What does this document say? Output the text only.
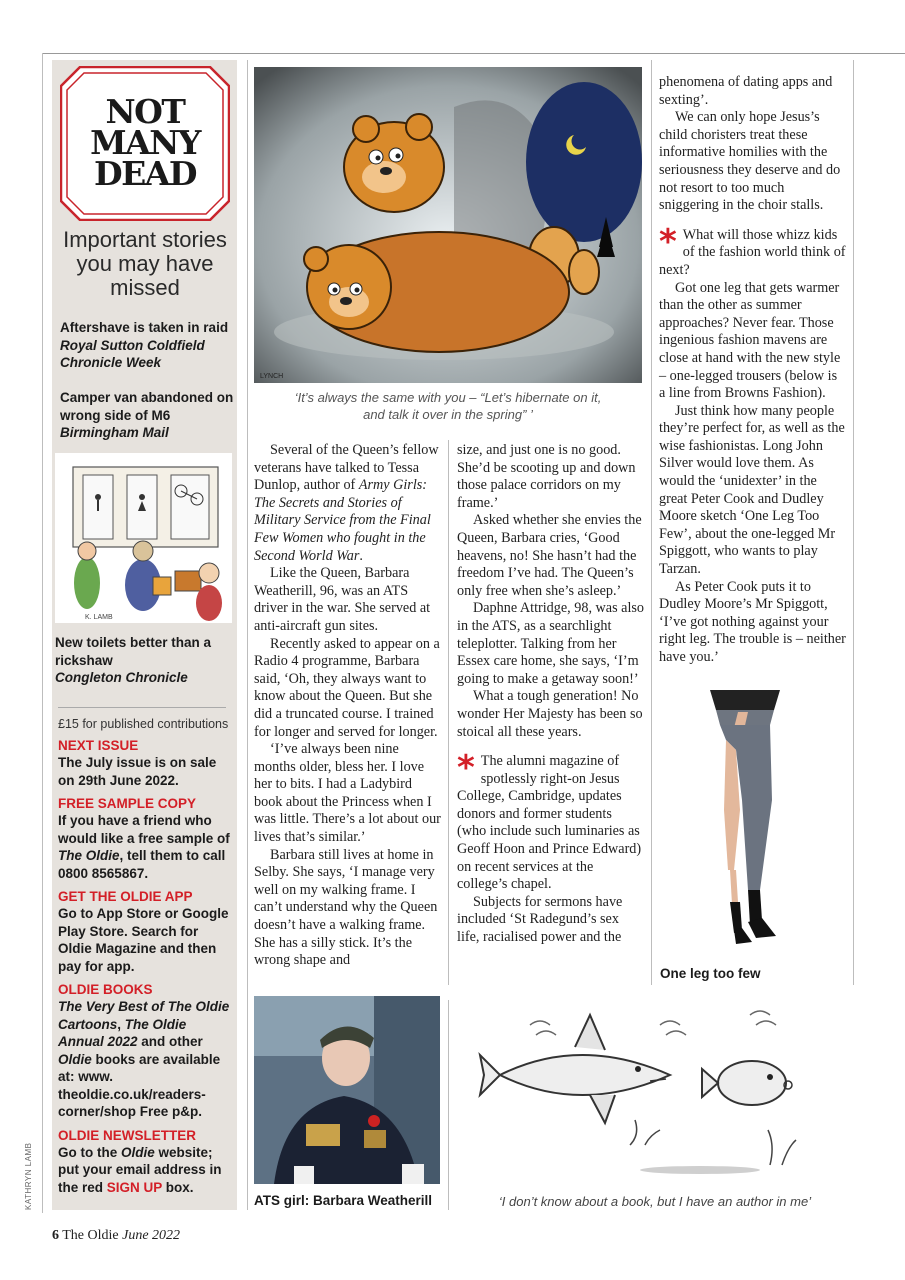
KATHRYN LAMB
NOT
MANY
DEAD
Important stories you may have missed
Aftershave is taken in raid
Royal Sutton Coldfield Chronicle Week
Camper van abandoned on wrong side of M6
Birmingham Mail
K. LAMB
New toilets better than a rickshaw
Congleton Chronicle
£15 for published contributions
NEXT ISSUE
The July issue is on sale on 29th June 2022.
FREE SAMPLE COPY
If you have a friend who would like a free sample of The Oldie, tell them to call 0800 8565867.
GET THE OLDIE APP
Go to App Store or Google Play Store. Search for Oldie Magazine and then pay for app.
OLDIE BOOKS
The Very Best of The Oldie Cartoons, The Oldie Annual 2022 and other Oldie books are available at: www. theoldie.co.uk/readers-corner/shop Free p&p.
OLDIE NEWSLETTER
Go to the Oldie website; put your email address in the red SIGN UP box.
LYNCH
‘It’s always the same with you – “Let’s hibernate on it,
and talk it over in the spring” ’

Several of the Queen’s fellow veterans have talked to Tessa Dunlop, author of Army Girls: The Secrets and Stories of Military Service from the Final Few Women who fought in the Second World War.

Like the Queen, Barbara Weatherill, 96, was an ATS driver in the war. She served at anti-aircraft gun sites.

Recently asked to appear on a Radio 4 programme, Barbara said, ‘Oh, they always want to know about the Queen. But she did a truncated course. I trained for longer and served for longer.

‘I’ve always been nine months older, bless her. I love her to bits. I had a Ladybird book about the Princess when I was little. There’s a lot about our lives that’s similar.’

Barbara still lives at home in Selby. She says, ‘I manage very well on my walking frame. I can’t understand why the Queen doesn’t have a walking frame. She has a silly stick. It’s the wrong shape and

ATS girl: Barbara Weatherill

size, and just one is no good. She’d be scooting up and down those palace corridors on my frame.’

Asked whether she envies the Queen, Barbara cries, ‘Good heavens, no! She hasn’t had the freedom I’ve had. The Queen’s only free when she’s asleep.’

Daphne Attridge, 98, was also in the ATS, as a searchlight teleplotter. Talking from her Essex care home, she says, ‘I’m going to make a getaway soon!’

What a tough generation! No wonder Her Majesty has been so stoical all these years.

* The alumni magazine of spotlessly right-on Jesus College, Cambridge, updates donors and former students (who include such luminaries as Geoff Hoon and Prince Edward) on recent services at the college’s chapel.

Subjects for sermons have included ‘St Radegund’s sex life, racialised power and the

phenomena of dating apps and sexting’.

We can only hope Jesus’s child choristers treat these informative homilies with the seriousness they deserve and do not resort to too much sniggering in the choir stalls.

* What will those whizz kids of the fashion world think of next?

Got one leg that gets warmer than the other as summer approaches? Never fear. Those ingenious fashion mavens are close at hand with the new style – one-legged trousers (below is a line from Browns Fashion).

Just think how many people they’re perfect for, as well as the wise fashionistas. Long John Silver would love them. As would the ‘unidexter’ in the great Peter Cook and Dudley Moore sketch ‘One Leg Too Few’, about the one-legged Mr Spiggott, who wants to play Tarzan.

As Peter Cook puts it to Dudley Moore’s Mr Spiggott, ‘I’ve got nothing against your right leg. The trouble is – neither have you.’

One leg too few
‘I don’t know about a book, but I have an author in me’
6 The Oldie June 2022
